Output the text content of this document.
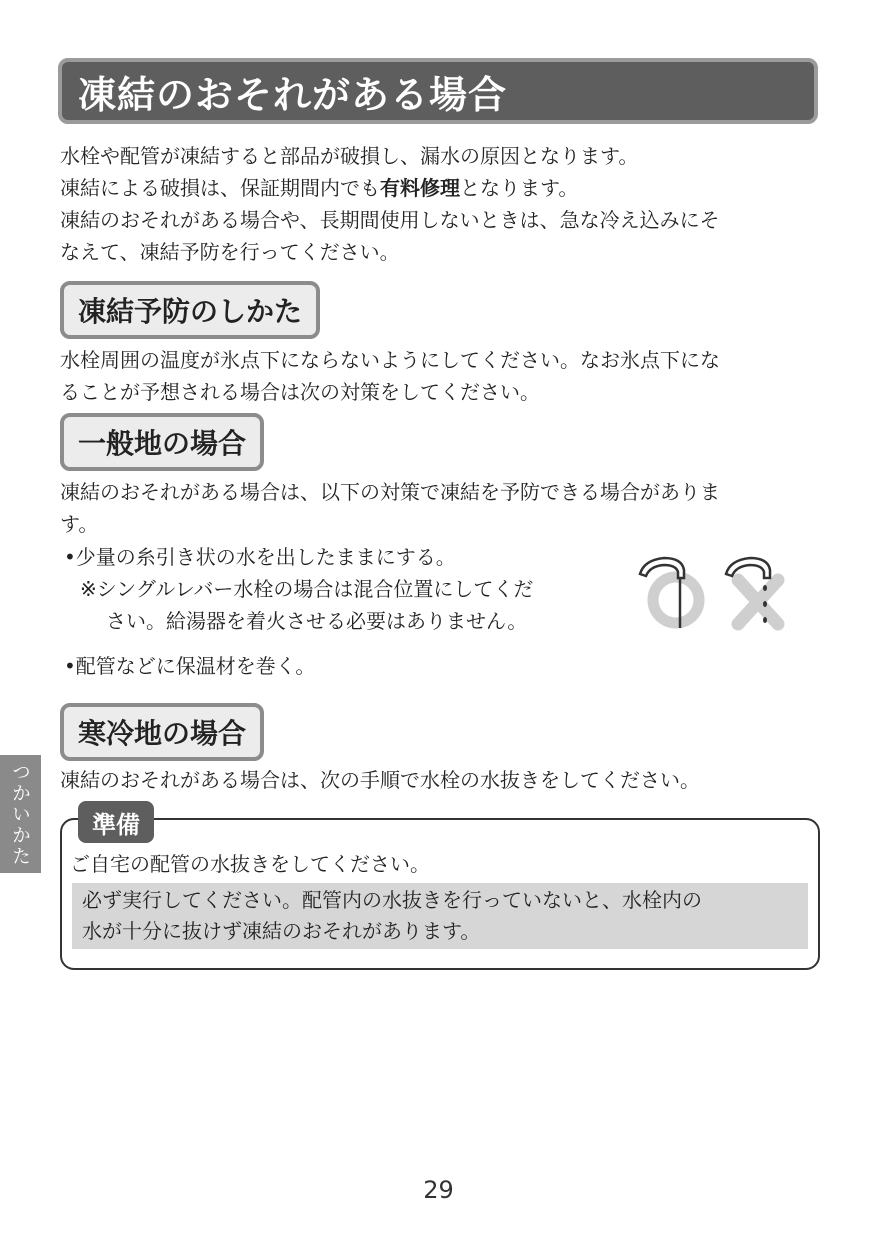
凍結のおそれがある場合

水栓や配管が凍結すると部品が破損し、漏水の原因となります。

凍結による破損は、保証期間内でも有料修理となります。

凍結のおそれがある場合や、長期間使用しないときは、急な冷え込みにそ

なえて、凍結予防を行ってください。

凍結予防のしかた

水栓周囲の温度が氷点下にならないようにしてください。なお氷点下にな

ることが予想される場合は次の対策をしてください。

一般地の場合

凍結のおそれがある場合は、以下の対策で凍結を予防できる場合がありま

す。

•少量の糸引き状の水を出したままにする。
※シングルレバー水栓の場合は混合位置にしてくだ
さい。給湯器を着火させる必要はありません。
•配管などに保温材を巻く。
寒冷地の場合

凍結のおそれがある場合は、次の手順で水栓の水抜きをしてください。

つかいかた	準備
ご自宅の配管の水抜きをしてください。
必ず実行してください。配管内の水抜きを行っていないと、水栓内の
水が十分に抜けず凍結のおそれがあります。
29
